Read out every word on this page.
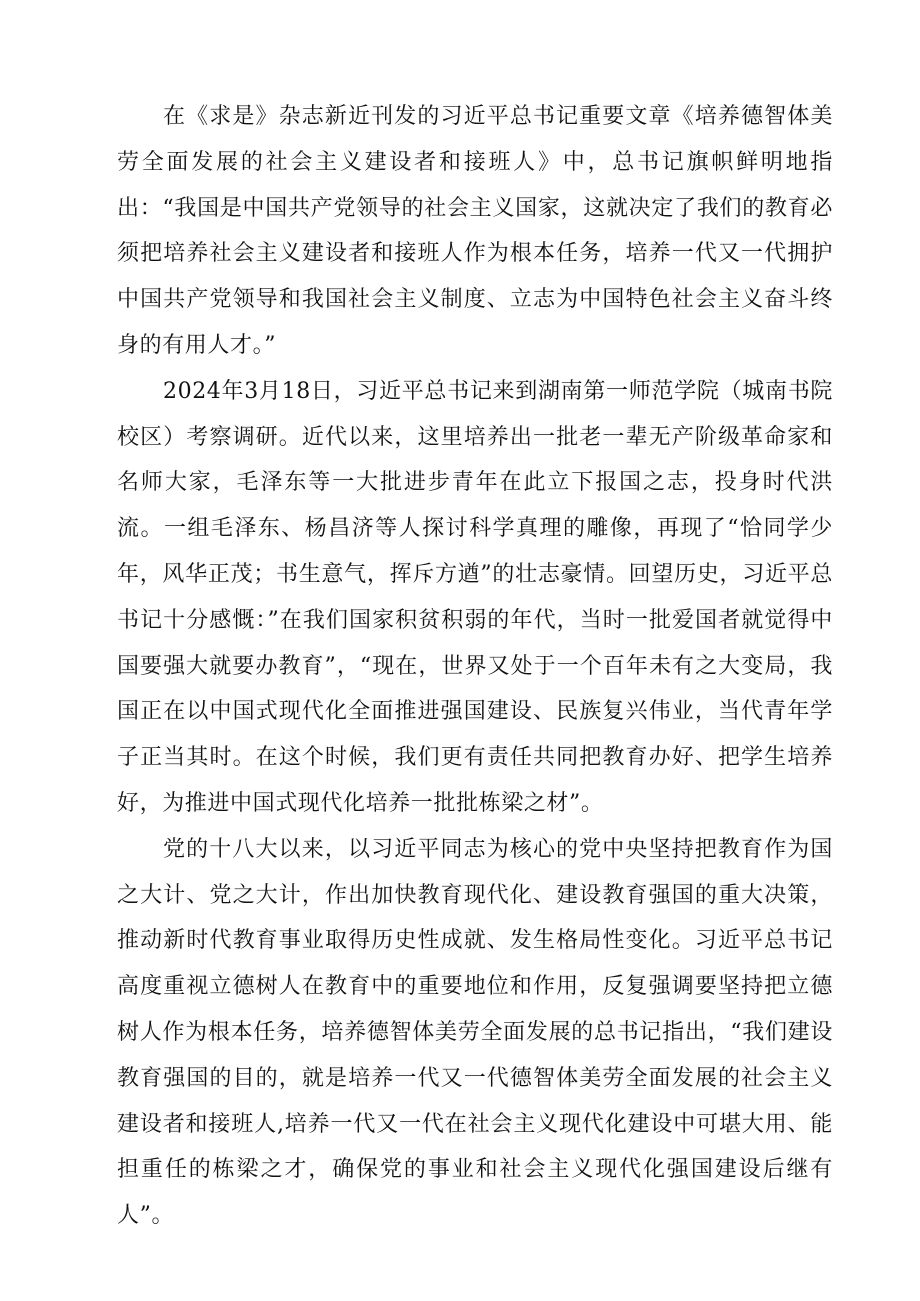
在《求是》杂志新近刊发的习近平总书记重要文章《培养德智体美劳全面发展的社会主义建设者和接班人》中，总书记旗帜鲜明地指出：“我国是中国共产党领导的社会主义国家，这就决定了我们的教育必须把培养社会主义建设者和接班人作为根本任务，培养一代又一代拥护中国共产党领导和我国社会主义制度、立志为中国特色社会主义奋斗终身的有用人才。”

2024年3月18日，习近平总书记来到湖南第一师范学院（城南书院校区）考察调研。近代以来，这里培养出一批老一辈无产阶级革命家和名师大家，毛泽东等一大批进步青年在此立下报国之志，投身时代洪流。一组毛泽东、杨昌济等人探讨科学真理的雕像，再现了“恰同学少年，风华正茂；书生意气，挥斥方遒”的壮志豪情。回望历史，习近平总书记十分感慨：”在我们国家积贫积弱的年代，当时一批爱国者就觉得中国要强大就要办教育”，“现在，世界又处于一个百年未有之大变局，我国正在以中国式现代化全面推进强国建设、民族复兴伟业，当代青年学子正当其时。在这个时候，我们更有责任共同把教育办好、把学生培养好，为推进中国式现代化培养一批批栋梁之材”。

党的十八大以来，以习近平同志为核心的党中央坚持把教育作为国之大计、党之大计，作出加快教育现代化、建设教育强国的重大决策，推动新时代教育事业取得历史性成就、发生格局性变化。习近平总书记高度重视立德树人在教育中的重要地位和作用，反复强调要坚持把立德树人作为根本任务，培养德智体美劳全面发展的总书记指出，“我们建设教育强国的目的，就是培养一代又一代德智体美劳全面发展的社会主义建设者和接班人,培养一代又一代在社会主义现代化建设中可堪大用、能担重任的栋梁之才，确保党的事业和社会主义现代化强国建设后继有人”。
